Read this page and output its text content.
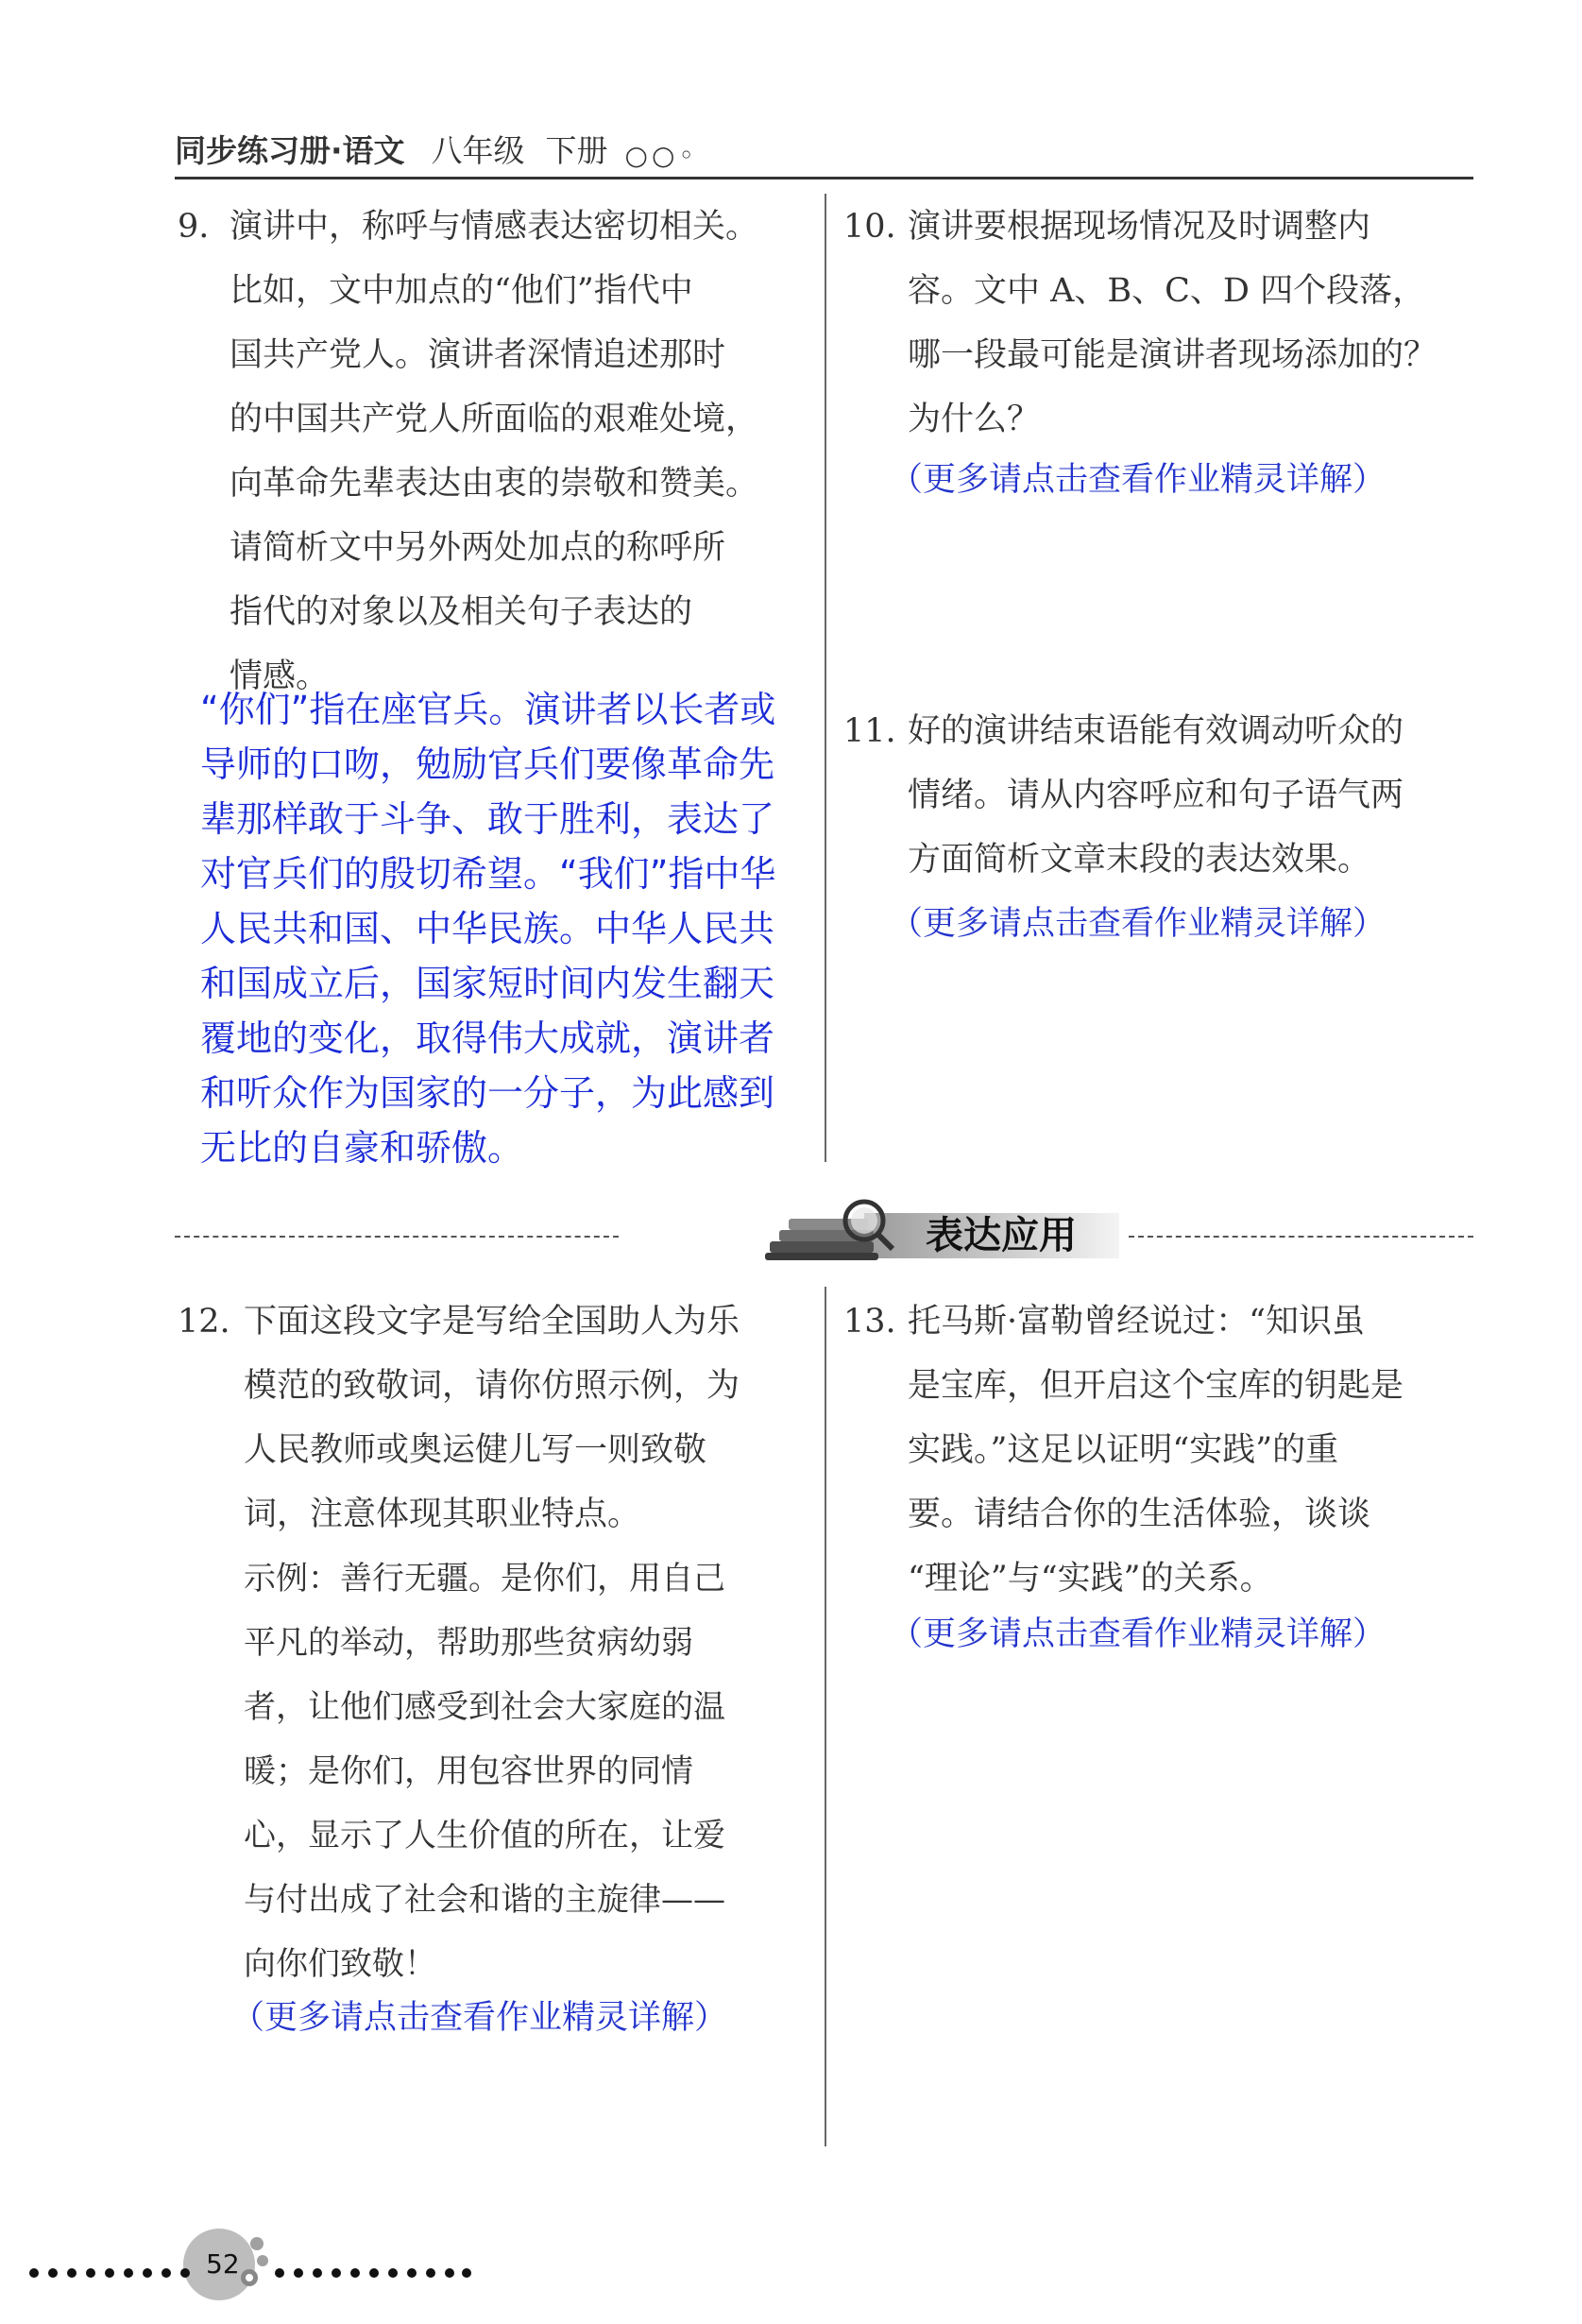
同步练习册·语文 八年级 下册 ○○◦
9. 演讲中，称呼与情感表达密切相关。
比如，文中加点的“他们”指代中
国共产党人。演讲者深情追述那时
的中国共产党人所面临的艰难处境，
向革命先辈表达由衷的崇敬和赞美。
请简析文中另外两处加点的称呼所
指代的对象以及相关句子表达的
情感。
“你们”指在座官兵。演讲者以长者或
导师的口吻，勉励官兵们要像革命先
辈那样敢于斗争、敢于胜利，表达了
对官兵们的殷切希望。“我们”指中华
人民共和国、中华民族。中华人民共
和国成立后，国家短时间内发生翻天
覆地的变化，取得伟大成就，演讲者
和听众作为国家的一分子，为此感到
无比的自豪和骄傲。
10. 演讲要根据现场情况及时调整内
容。文中 A、B、C、D 四个段落，
哪一段最可能是演讲者现场添加的？
为什么？
（更多请点击查看作业精灵详解）
11. 好的演讲结束语能有效调动听众的
情绪。请从内容呼应和句子语气两
方面简析文章末段的表达效果。
（更多请点击查看作业精灵详解）
表达应用
12. 下面这段文字是写给全国助人为乐
模范的致敬词，请你仿照示例，为
人民教师或奥运健儿写一则致敬
词，注意体现其职业特点。
示例：善行无疆。是你们，用自己
平凡的举动，帮助那些贫病幼弱
者，让他们感受到社会大家庭的温
暖；是你们，用包容世界的同情
心，显示了人生价值的所在，让爱
与付出成了社会和谐的主旋律——
向你们致敬！
（更多请点击查看作业精灵详解）
13. 托马斯·富勒曾经说过：“知识虽
是宝库，但开启这个宝库的钥匙是
实践。”这足以证明“实践”的重
要。请结合你的生活体验，谈谈
“理论”与“实践”的关系。
（更多请点击查看作业精灵详解）
52
